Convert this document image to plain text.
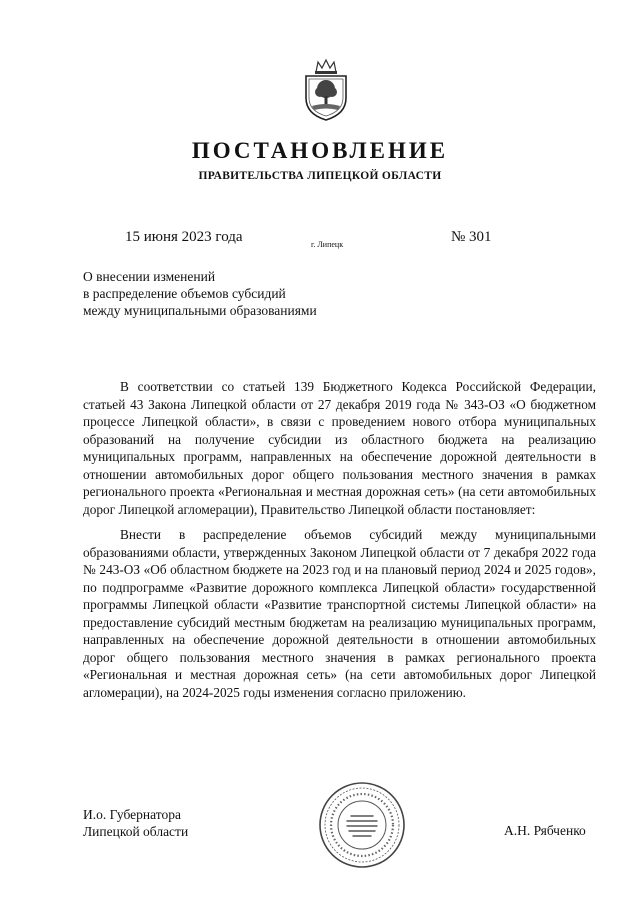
ПОСТАНОВЛЕНИЕ
ПРАВИТЕЛЬСТВА ЛИПЕЦКОЙ ОБЛАСТИ
15 июня 2023 года	г. Липецк	№ 301
О внесении изменений
в распределение объемов субсидий
между муниципальными образованиями

В соответствии со статьей 139 Бюджетного Кодекса Российской Федерации, статьей 43 Закона Липецкой области от 27 декабря 2019 года № 343-ОЗ «О бюджетном процессе Липецкой области», в связи с проведением нового отбора муниципальных образований на получение субсидии из областного бюджета на реализацию муниципальных программ, направленных на обеспечение дорожной деятельности в отношении автомобильных дорог общего пользования местного значения в рамках регионального проекта «Региональная и местная дорожная сеть» (на сети автомобильных дорог Липецкой агломерации), Правительство Липецкой области постановляет:

Внести в распределение объемов субсидий между муниципальными образованиями области, утвержденных Законом Липецкой области от 7 декабря 2022 года № 243-ОЗ «Об областном бюджете на 2023 год и на плановый период 2024 и 2025 годов», по подпрограмме «Развитие дорожного комплекса Липецкой области» государственной программы Липецкой области «Развитие транспортной системы Липецкой области» на предоставление субсидий местным бюджетам на реализацию муниципальных программ, направленных на обеспечение дорожной деятельности в отношении автомобильных дорог общего пользования местного значения в рамках регионального проекта «Региональная и местная дорожная сеть» (на сети автомобильных дорог Липецкой агломерации), на 2024-2025 годы изменения согласно приложению.

И.о. Губернатора
Липецкой области	А.Н. Рябченко
